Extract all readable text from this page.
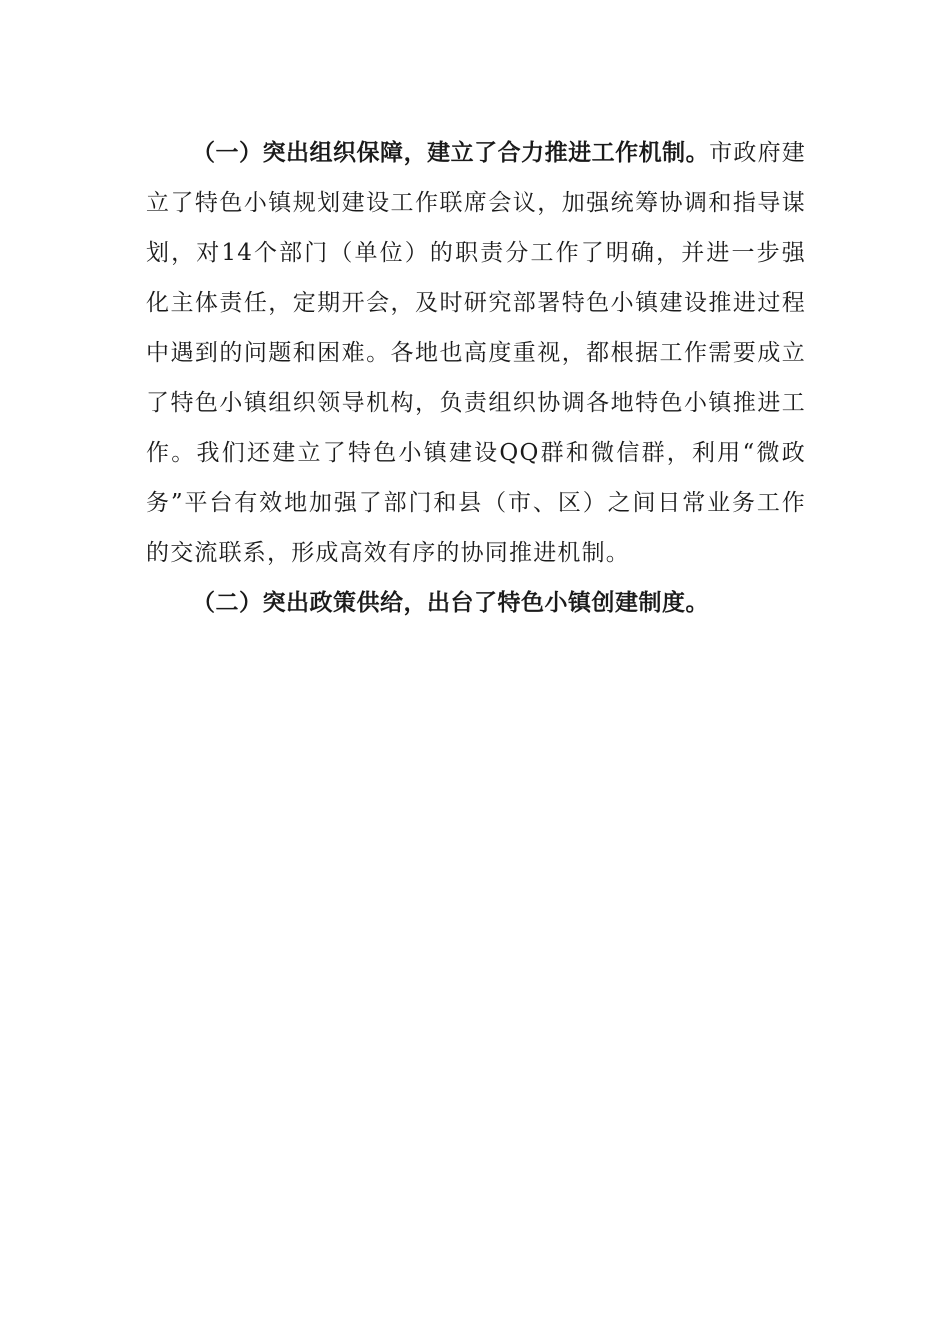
（一）突出组织保障，建立了合力推进工作机制。市政府建立了特色小镇规划建设工作联席会议，加强统筹协调和指导谋划，对14个部门（单位）的职责分工作了明确，并进一步强化主体责任，定期开会，及时研究部署特色小镇建设推进过程中遇到的问题和困难。各地也高度重视，都根据工作需要成立了特色小镇组织领导机构，负责组织协调各地特色小镇推进工作。我们还建立了特色小镇建设QQ群和微信群，利用“微政务”平台有效地加强了部门和县（市、区）之间日常业务工作的交流联系，形成高效有序的协同推进机制。

（二）突出政策供给，出台了特色小镇创建制度。
